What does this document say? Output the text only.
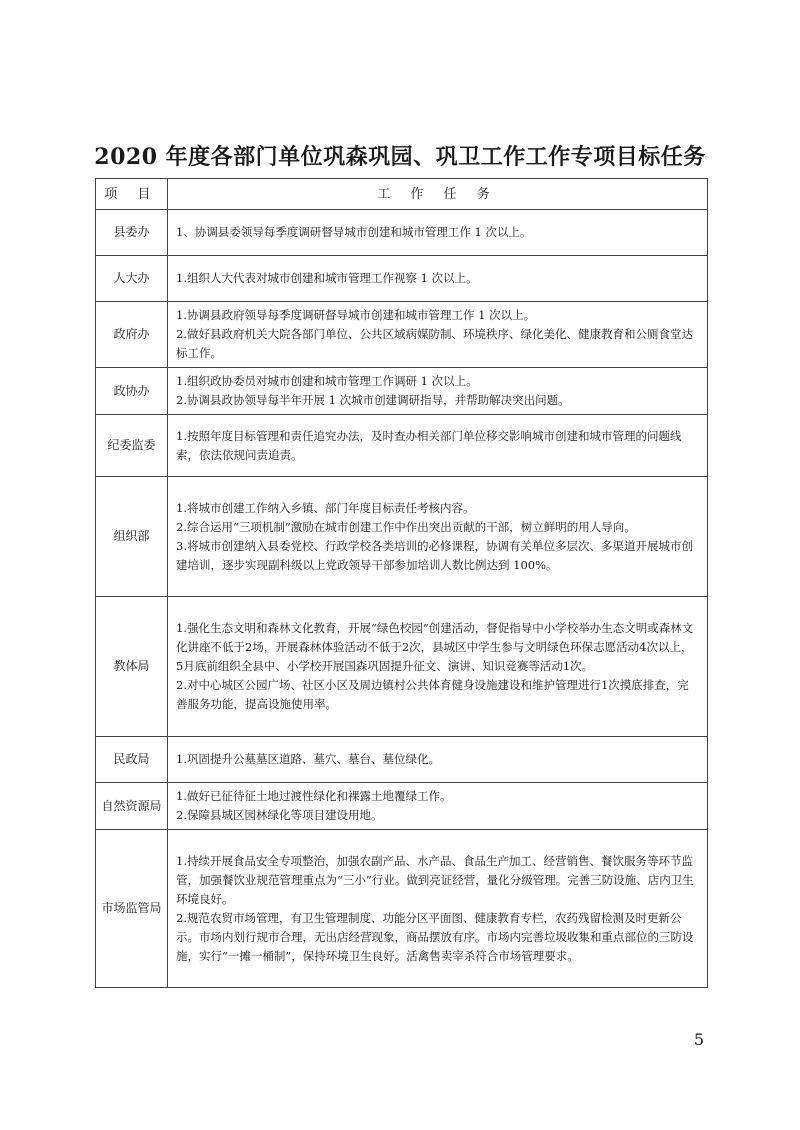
2020 年度各部门单位巩森巩园、巩卫工作工作专项目标任务
项 目	工 作 任 务
县委办	1、协调县委领导每季度调研督导城市创建和城市管理工作 1 次以上。

人大办	1.组织人大代表对城市创建和城市管理工作视察 1 次以上。

政府办	1.协调县政府领导每季度调研督导城市创建和城市管理工作 1 次以上。
2.做好县政府机关大院各部门单位、公共区域病媒防制、环境秩序、绿化美化、健康教育和公厕食堂达标工作。

政协办	1.组织政协委员对城市创建和城市管理工作调研 1 次以上。
2.协调县政协领导每半年开展 1 次城市创建调研指导，并帮助解决突出问题。

纪委监委	1.按照年度目标管理和责任追究办法，及时查办相关部门单位移交影响城市创建和城市管理的问题线索，依法依规问责追责。

组织部	1.将城市创建工作纳入乡镇、部门年度目标责任考核内容。
2.综合运用“三项机制”激励在城市创建工作中作出突出贡献的干部，树立鲜明的用人导向。
3.将城市创建纳入县委党校、行政学校各类培训的必修课程，协调有关单位多层次、多渠道开展城市创建培训，逐步实现副科级以上党政领导干部参加培训人数比例达到 100%。

教体局	1.强化生态文明和森林文化教育，开展“绿色校园”创建活动，督促指导中小学校举办生态文明或森林文化讲座不低于2场，开展森林体验活动不低于2次，县城区中学生参与文明绿色环保志愿活动4次以上，5月底前组织全县中、小学校开展国森巩固提升征文、演讲、知识竞赛等活动1次。
2.对中心城区公园广场、社区小区及周边镇村公共体育健身设施建设和维护管理进行1次摸底排查，完善服务功能，提高设施使用率。

民政局	1.巩固提升公墓墓区道路、墓穴、墓台、墓位绿化。

自然资源局	1.做好已征待征土地过渡性绿化和裸露土地覆绿工作。
2.保障县城区园林绿化等项目建设用地。

市场监管局	1.持续开展食品安全专项整治，加强农副产品、水产品、食品生产加工、经营销售、餐饮服务等环节监管，加强餐饮业规范管理重点为“三小”行业。做到亮证经营，量化分级管理。完善三防设施、店内卫生环境良好。
2.规范农贸市场管理，有卫生管理制度、功能分区平面图、健康教育专栏，农药残留检测及时更新公示。市场内划行规市合理，无出店经营现象，商品摆放有序。市场内完善垃圾收集和重点部位的三防设施，实行“一摊一桶制”，保持环境卫生良好。活禽售卖宰杀符合市场管理要求。
5
